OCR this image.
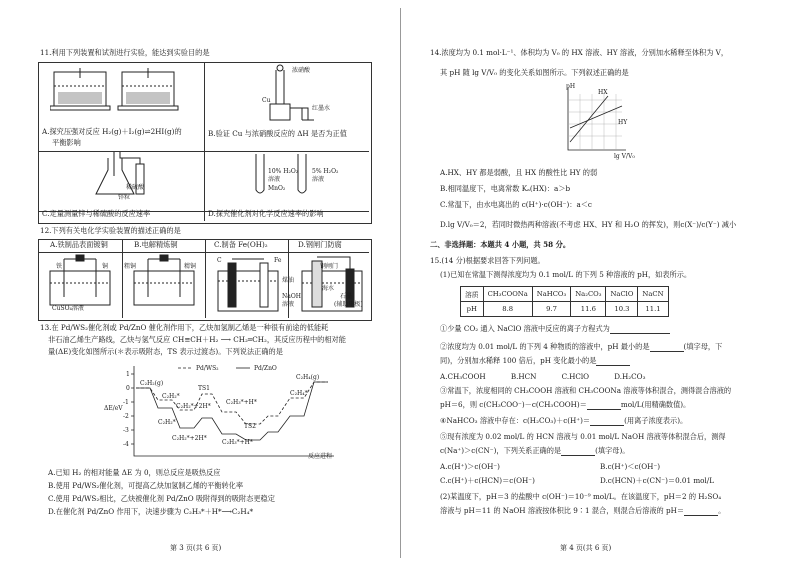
11.利用下列装置和试剂进行实验，能达到实验目的是
A.探究压强对反应 H₂(g)＋I₂(g)⇌2HI(g)的
平衡影响
浓硝酸
Cu
红墨水
B.验证 Cu 与浓硝酸反应的 ΔH 是否为正值
稀硫酸
锌粒
C.定量测量锌与稀硫酸的反应速率
10% H₂O₂
溶液
MnO₂
5% H₂O₂
溶液
D.探究催化剂对化学反应速率的影响
12.下列有关电化学实验装置的描述正确的是
A.铁制品表面镀铜	B.电解精炼铜	C.制备 Fe(OH)₂	D.钢闸门防腐
铁	铜
CuSO₄溶液
粗铜	精铜
C	Fe
煤油
NaOH
溶液
钢闸门
海水
石墨
(辅助电极)
13.在 Pd/WS₂催化剂或 Pd/ZnO 催化剂作用下，乙炔加氢制乙烯是一种很有前途的低能耗
非石油乙烯生产路线，乙炔与氢气反应 CH≡CH＋H₂ ⟶ CH₂═CH₂，其反应历程中的相对能
量(ΔE)变化如图所示(＊表示吸附态，TS 表示过渡态)。下列说法正确的是
Pd/WS₂	Pd/ZnO
ΔE/eV
反应进程
1
0
-1
-2
-3
-4
C₂H₂(g)
C₂H₂*
C₂H₂*+2H*
TS1
C₂H₃*+H*
C₂H₄(g)
C₂H₄*
TS2
C₂H₂*
C₂H₂*+2H*
C₂H₃*+H*
A.已知 H₂ 的相对能量 ΔE 为 0，则总反应是吸热反应
B.使用 Pd/WS₂催化剂，可提高乙炔加氢制乙烯的平衡转化率
C.使用 Pd/WS₂相比，乙炔被催化剂 Pd/ZnO 吸附得到的吸附态更稳定
D.在催化剂 Pd/ZnO 作用下，决速步骤为 C₂H₃*＋H*⟶C₂H₄*
第 3 页(共 6 页)
14.浓度均为 0.1 mol·L⁻¹、体积均为 V₀ 的 HX 溶液、HY 溶液，分别加水稀释至体积为 V，
其 pH 随 lg V/V₀ 的变化关系如图所示。下列叙述正确的是
pH
HX
HY
lg V/V₀
A.HX、HY 都是弱酸，且 HX 的酸性比 HY 的弱
B.相同温度下，电离常数 Kₐ(HX)：a＞b
C.常温下，由水电离出的 c(H⁺)·c(OH⁻)：a＜c
D.lg V/V₀＝2，若同时微热两种溶液(不考虑 HX、HY 和 H₂O 的挥发)，则c(X⁻)/c(Y⁻) 减小
二、非选择题：本题共 4 小题，共 58 分。
15.(14 分)根据要求回答下列问题。
(1)已知在常温下测得浓度均为 0.1 mol/L 的下列 5 种溶液的 pH，如表所示。
溶质	CH₃COONa	NaHCO₃	Na₂CO₃	NaClO	NaCN
pH	8.8	9.7	11.6	10.3	11.1
①少量 CO₂ 通入 NaClO 溶液中反应的离子方程式为
②浓度均为 0.01 mol/L 的下列 4 种物质的溶液中，pH 最小的是	(填字母，下
同)，分别加水稀释 100 倍后，pH 变化最小的是
A.CH₃COOH	B.HCN	C.HClO	D.H₂CO₃
③常温下，浓度相同的 CH₃COOH 溶液和 CH₃COONa 溶液等体积混合，测得混合溶液的
pH＝6，则 c(CH₃COO⁻)－c(CH₃COOH)＝	mol/L(用精确数值)。
④NaHCO₃ 溶液中存在：c(H₂CO₃)＋c(H⁺)＝	(用离子浓度表示)。
⑤现有浓度为 0.02 mol/L 的 HCN 溶液与 0.01 mol/L NaOH 溶液等体积混合后，测得
c(Na⁺)＞c(CN⁻)，下列关系正确的是	(填字母)。
A.c(H⁺)＞c(OH⁻)	B.c(H⁺)＜c(OH⁻)
C.c(H⁺)＋c(HCN)＝c(OH⁻)	D.c(HCN)＋c(CN⁻)＝0.01 mol/L
(2)某温度下，pH＝3 的盐酸中 c(OH⁻)＝10⁻⁹ mol/L。在该温度下，pH＝2 的 H₂SO₄
溶液与 pH＝11 的 NaOH 溶液按体积比 9∶1 混合，则混合后溶液的 pH＝	。
第 4 页(共 6 页)
